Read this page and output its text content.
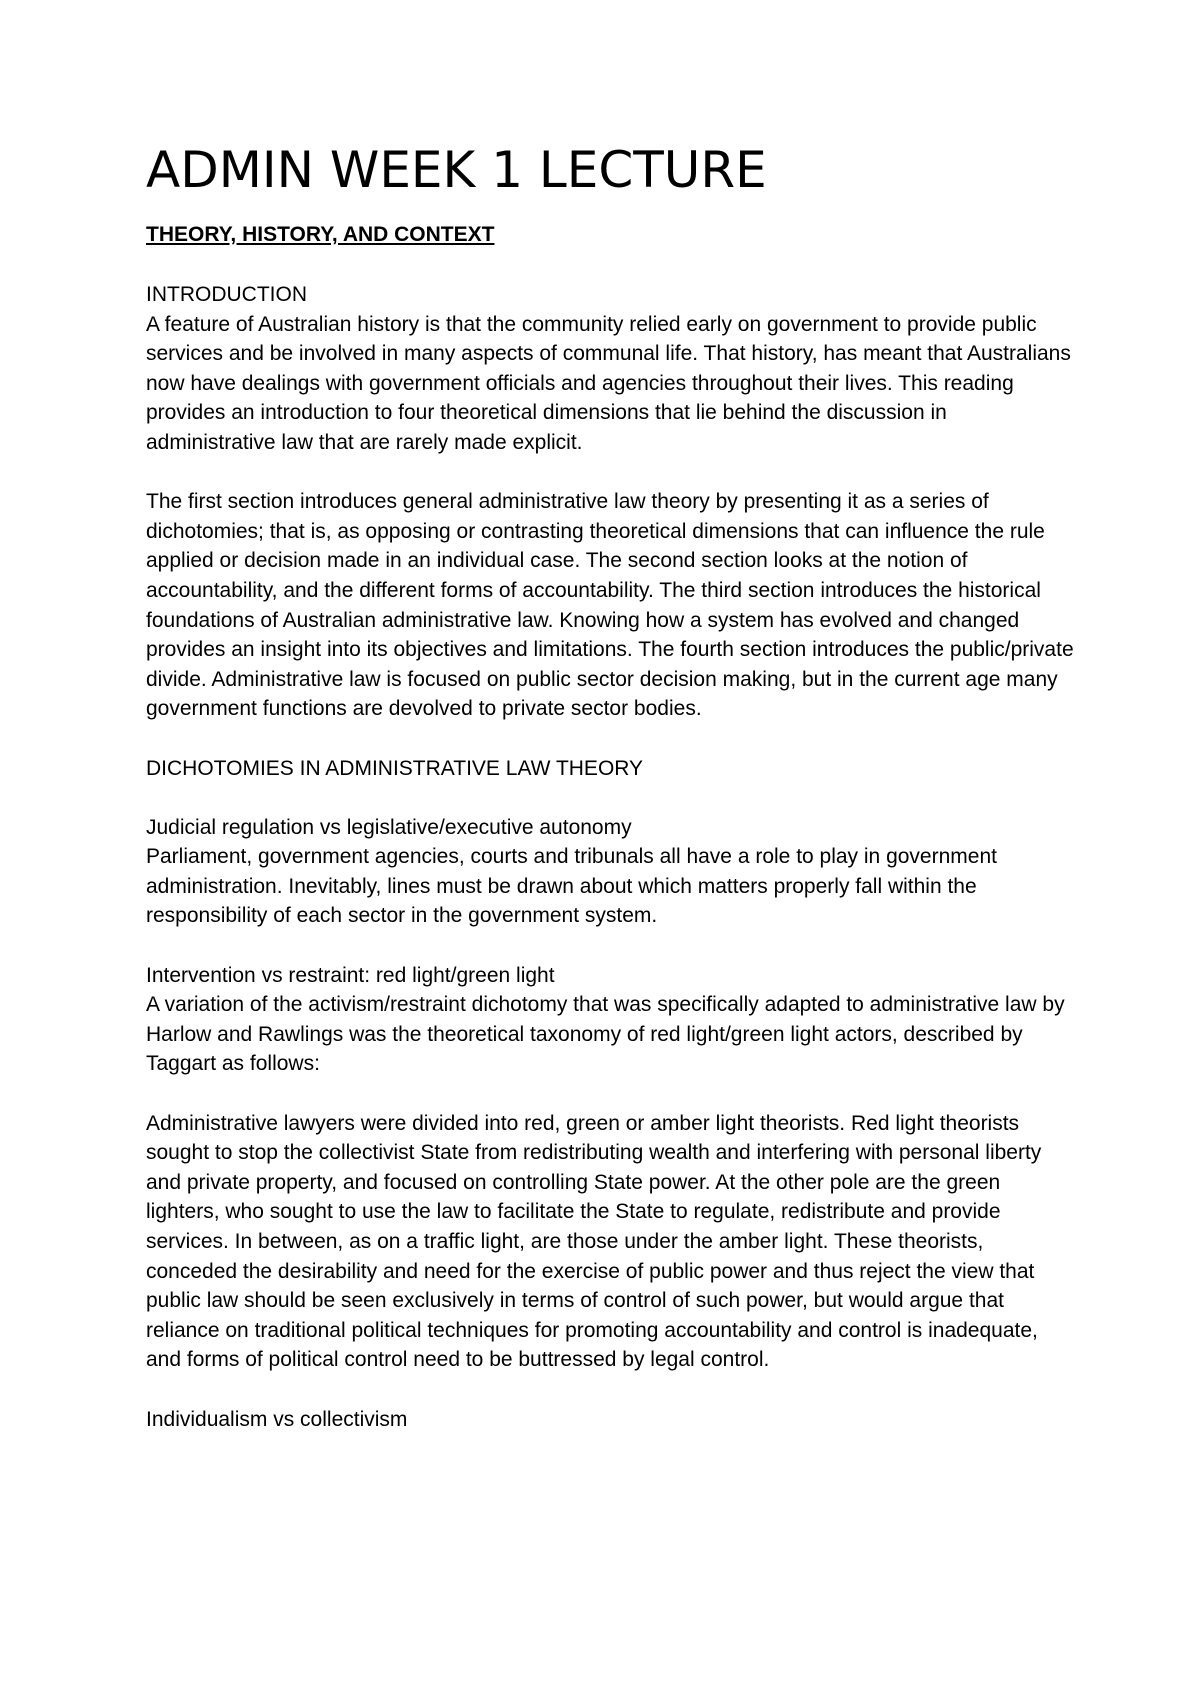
ADMIN WEEK 1 LECTURE
THEORY, HISTORY, AND CONTEXT
INTRODUCTION

A feature of Australian history is that the community relied early on government to provide public services and be involved in many aspects of communal life. That history, has meant that Australians now have dealings with government officials and agencies throughout their lives. This reading provides an introduction to four theoretical dimensions that lie behind the discussion in administrative law that are rarely made explicit.

The first section introduces general administrative law theory by presenting it as a series of dichotomies; that is, as opposing or contrasting theoretical dimensions that can influence the rule applied or decision made in an individual case. The second section looks at the notion of accountability, and the different forms of accountability. The third section introduces the historical foundations of Australian administrative law. Knowing how a system has evolved and changed provides an insight into its objectives and limitations. The fourth section introduces the public/private divide. Administrative law is focused on public sector decision making, but in the current age many government functions are devolved to private sector bodies.

DICHOTOMIES IN ADMINISTRATIVE LAW THEORY
Judicial regulation vs legislative/executive autonomy

Parliament, government agencies, courts and tribunals all have a role to play in government administration. Inevitably, lines must be drawn about which matters properly fall within the responsibility of each sector in the government system.

Intervention vs restraint: red light/green light

A variation of the activism/restraint dichotomy that was specifically adapted to administrative law by Harlow and Rawlings was the theoretical taxonomy of red light/green light actors, described by Taggart as follows:

Administrative lawyers were divided into red, green or amber light theorists. Red light theorists sought to stop the collectivist State from redistributing wealth and interfering with personal liberty and private property, and focused on controlling State power. At the other pole are the green lighters, who sought to use the law to facilitate the State to regulate, redistribute and provide services. In between, as on a traffic light, are those under the amber light. These theorists, conceded the desirability and need for the exercise of public power and thus reject the view that public law should be seen exclusively in terms of control of such power, but would argue that reliance on traditional political techniques for promoting accountability and control is inadequate, and forms of political control need to be buttressed by legal control.

Individualism vs collectivism
